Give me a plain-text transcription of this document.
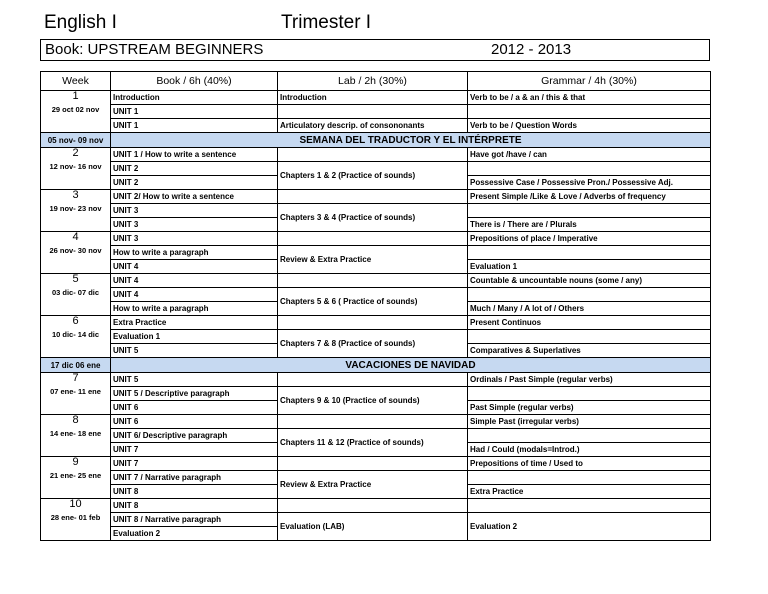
English I	Trimester I
Book: UPSTREAM BEGINNERS	2012 - 2013
Week	Book / 6h (40%)	Lab / 2h (30%)	Grammar / 4h (30%)

1
29 oct 02 nov	Introduction	Introduction	Verb to be / a & an / this & that
	UNIT 1		
	UNIT 1	Articulatory descrip. of consononants	Verb to be / Question Words
05 nov- 09 nov	SEMANA DEL TRADUCTOR Y EL INTÉRPRETE		

2
12 nov- 16 nov	UNIT 1 / How to write a sentence		Have got /have / can
	UNIT 2	Chapters 1 & 2 (Practice of sounds)	
	UNIT 2		Possessive Case / Possessive Pron./ Possessive Adj.

3
19 nov- 23 nov	UNIT 2/ How to write a sentence		Present Simple /Like & Love / Adverbs of frequency
	UNIT 3	Chapters 3 & 4 (Practice of sounds)	
	UNIT 3		There is / There are / Plurals

4
26 nov- 30 nov	UNIT 3		Prepositions of place / Imperative
	How to write a paragraph	Review & Extra Practice	
	UNIT 4		Evaluation 1

5
03 dic- 07 dic	UNIT 4		Countable & uncountable nouns (some / any)
	UNIT 4	Chapters 5 & 6 ( Practice of sounds)	
	How to write a paragraph		Much / Many / A lot of / Others

6
10 dic- 14 dic	Extra Practice		Present Continuos
	Evaluation 1	Chapters 7 & 8 (Practice of sounds)	
	UNIT 5		Comparatives & Superlatives
17 dic 06 ene	VACACIONES DE NAVIDAD		

7
07 ene- 11 ene	UNIT 5		Ordinals / Past Simple (regular verbs)
	UNIT 5 / Descriptive paragraph	Chapters 9 & 10 (Practice of sounds)	
	UNIT 6		Past Simple (regular verbs)

8
14 ene- 18 ene	UNIT 6		Simple Past (irregular verbs)
	UNIT 6/ Descriptive paragraph	Chapters 11 & 12 (Practice of sounds)	
	UNIT 7		Had / Could (modals=Introd.)

9
21 ene- 25 ene	UNIT 7		Prepositions of time / Used to
	UNIT 7 / Narrative paragraph	Review & Extra Practice	
	UNIT 8		Extra Practice

10
28 ene- 01 feb	UNIT 8		
	UNIT 8 / Narrative paragraph	Evaluation (LAB)	Evaluation 2
	Evaluation 2		
